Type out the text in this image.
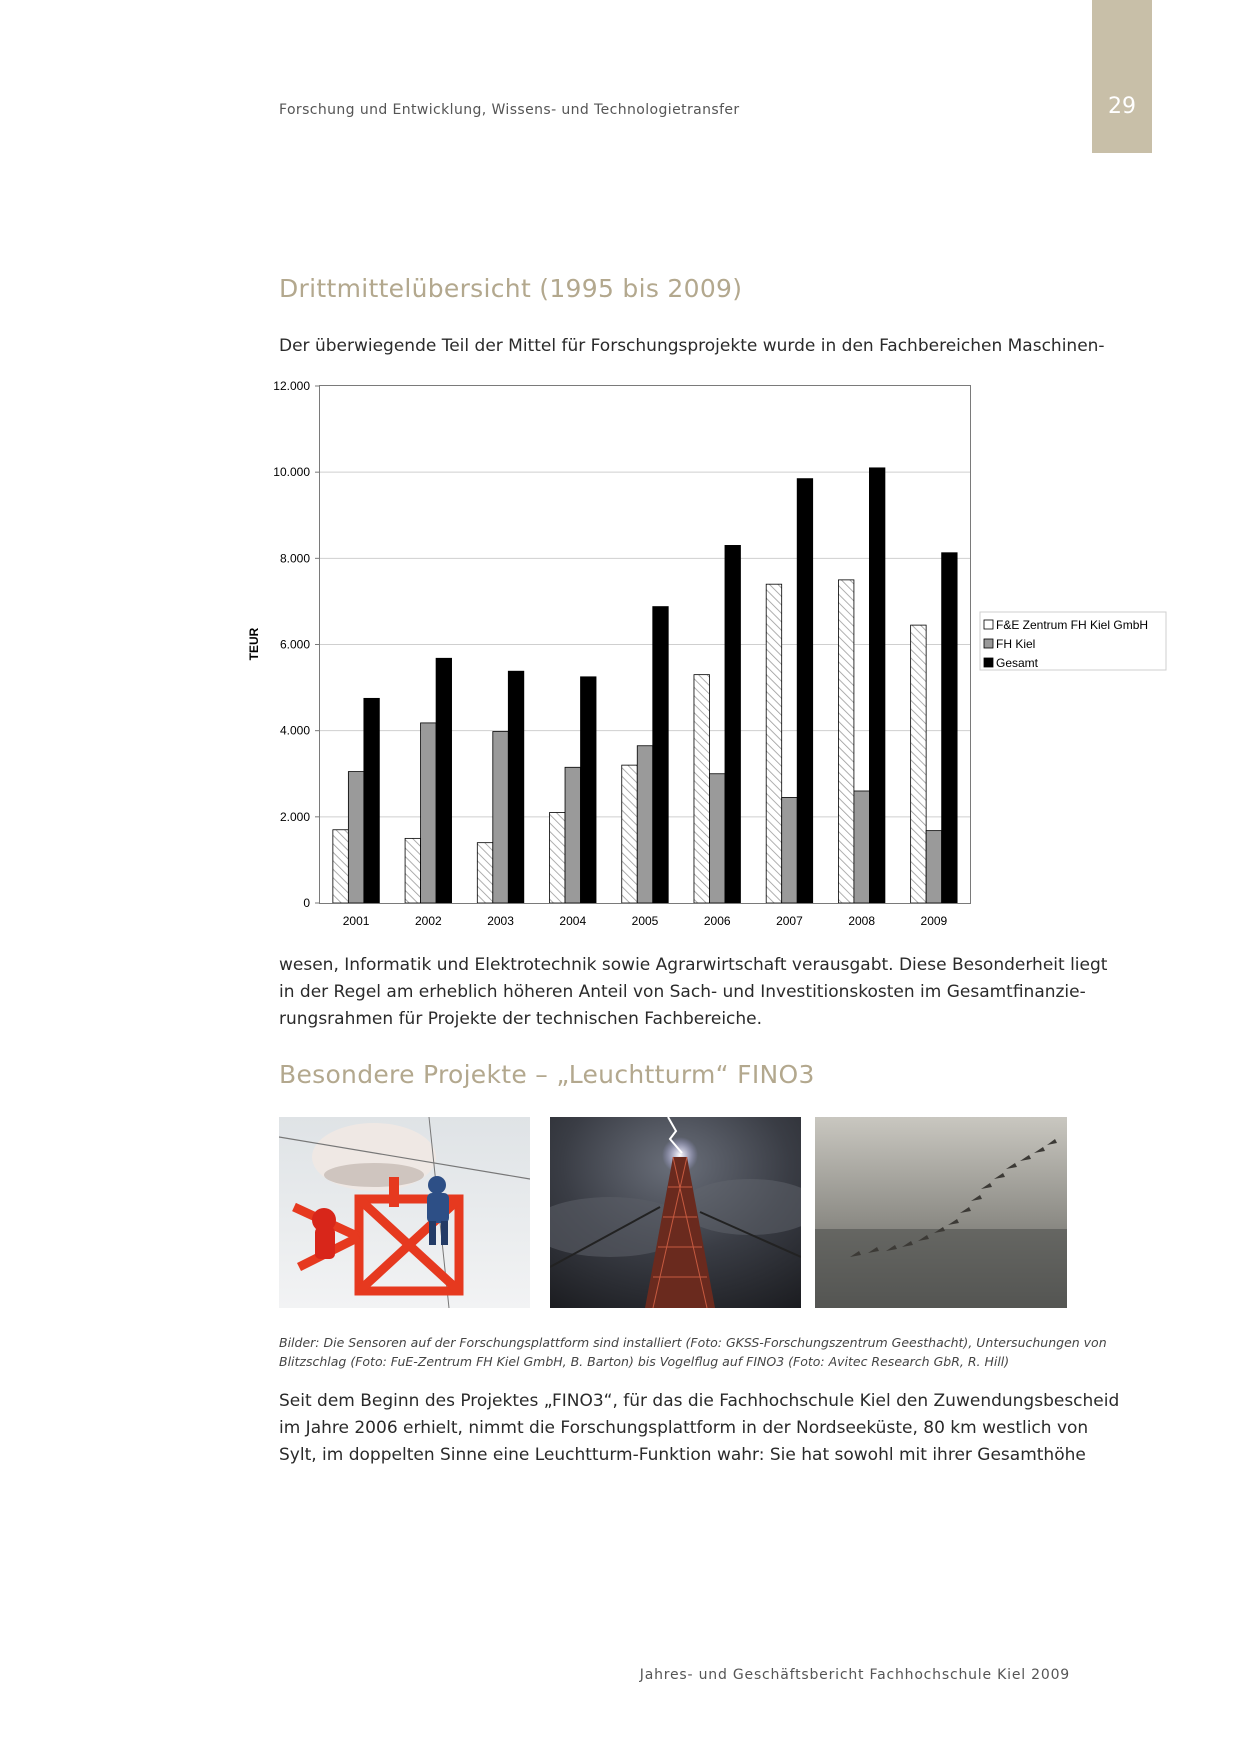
Forschung und Entwicklung, Wissens- und Technologietransfer	29
Drittmittelübersicht (1995 bis 2009)
Der überwiegende Teil der Mittel für Forschungsprojekte wurde in den Fachbereichen Maschinen-
0
2.000
4.000
6.000
8.000
10.000
12.000
2001	2002	2003	2004	2005	2006	2007	2008	2009
TEUR
F&E Zentrum FH Kiel GmbH
FH Kiel
Gesamt
wesen, Informatik und Elektrotechnik sowie Agrarwirtschaft verausgabt. Diese Besonderheit liegt
in der Regel am erheblich höheren Anteil von Sach- und Investitionskosten im Gesamtfinanzie-
rungsrahmen für Projekte der technischen Fachbereiche.
Besondere Projekte – „Leuchtturm“ FINO3
Bilder: Die Sensoren auf der Forschungsplattform sind installiert (Foto: GKSS-Forschungszentrum Geesthacht), Untersuchungen von
Blitzschlag (Foto: FuE-Zentrum FH Kiel GmbH, B. Barton) bis Vogelflug auf FINO3 (Foto: Avitec Research GbR, R. Hill)
Seit dem Beginn des Projektes „FINO3“, für das die Fachhochschule Kiel den Zuwendungsbescheid
im Jahre 2006 erhielt, nimmt die Forschungsplattform in der Nordseeküste, 80 km westlich von
Sylt, im doppelten Sinne eine Leuchtturm-Funktion wahr: Sie hat sowohl mit ihrer Gesamthöhe
Jahres- und Geschäftsbericht Fachhochschule Kiel 2009
